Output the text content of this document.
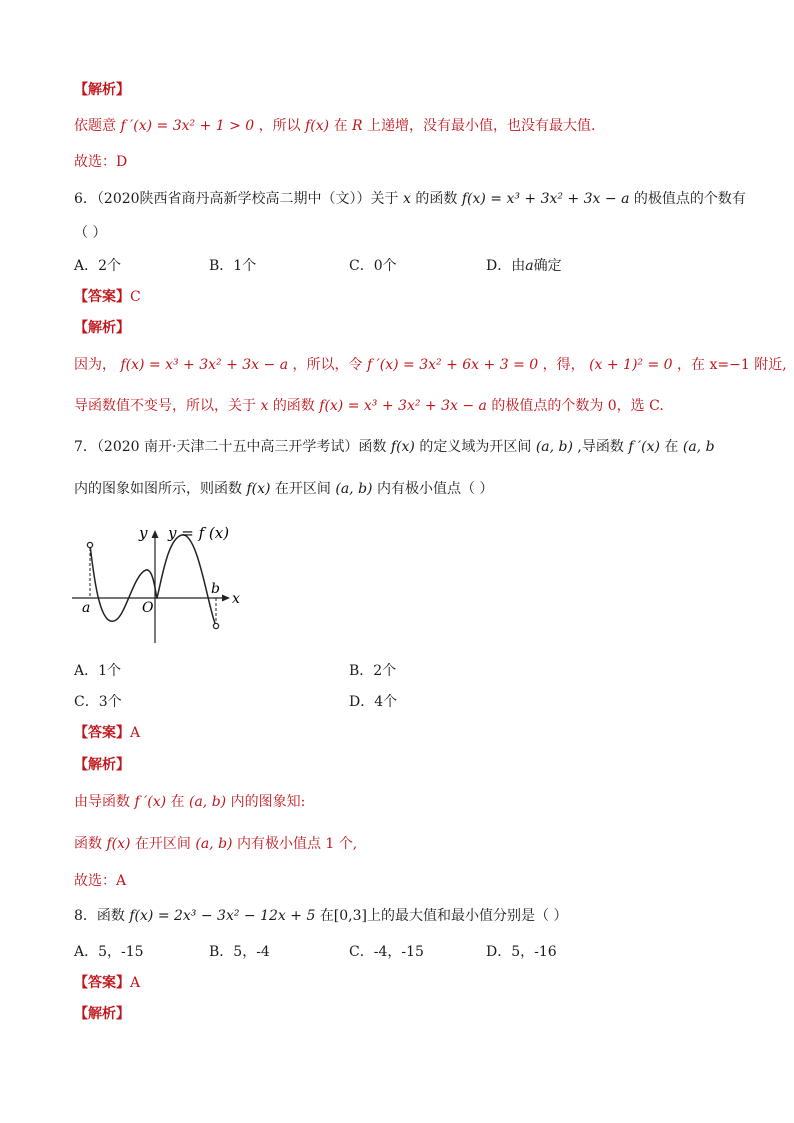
【解析】
依题意 f ′(x) = 3x² + 1 > 0 ，所以 f(x) 在 R 上递增，没有最小值，也没有最大值.
故选：D
6．（2020陕西省商丹高新学校高二期中（文））关于 x 的函数 f(x) = x³ + 3x² + 3x − a 的极值点的个数有
（ ）
A．2个	B．1个	C．0个	D．由a确定
【答案】C
【解析】
因为， f(x) = x³ + 3x² + 3x − a ，所以，令 f ′(x) = 3x² + 6x + 3 = 0 ，得， (x + 1)² = 0 ，在 x=−1 附近,
导函数值不变号，所以，关于 x 的函数 f(x) = x³ + 3x² + 3x − a 的极值点的个数为 0，选 C.
7．（2020 南开·天津二十五中高三开学考试）函数 f(x) 的定义域为开区间 (a, b) ,导函数 f ′(x) 在 (a, b
内的图象如图所示，则函数 f(x) 在开区间 (a, b) 内有极小值点（ ）
y y = f (x)
x
a
b
O
A．1个	B．2个
C．3个	D．4个
【答案】A
【解析】
由导函数 f ′(x) 在 (a, b) 内的图象知:
函数 f(x) 在开区间 (a, b) 内有极小值点 1 个,
故选：A
8．函数 f(x) = 2x³ − 3x² − 12x + 5 在[0,3]上的最大值和最小值分别是（ ）
A．5，-15	B．5，-4	C．-4，-15	D．5，-16
【答案】A
【解析】
